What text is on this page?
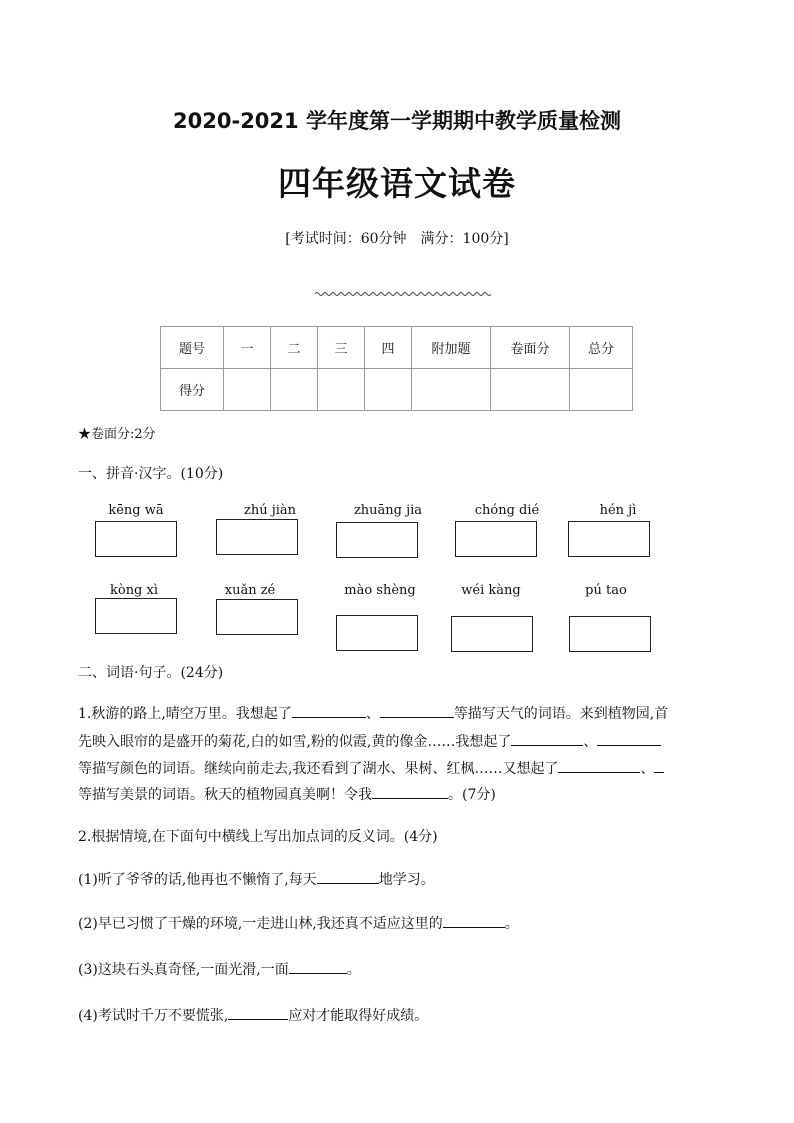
2020-2021 学年度第一学期期中教学质量检测
四年级语文试卷
[考试时间：60分钟　满分：100分]
题号	一	二	三	四	附加题	卷面分	总分
得分							
★卷面分:2分
一、拼音·汉字。(10分)
kēng wā	zhú jiàn	zhuāng jia	chóng dié	hén jì
kòng xì	xuǎn zé	mào shèng	wéi kàng	pú tao
二、词语·句子。(24分)
1.秋游的路上,晴空万里。我想起了	、	等描写天气的词语。来到植物园,首
先映入眼帘的是盛开的菊花,白的如雪,粉的似霞,黄的像金……我想起了	、
等描写颜色的词语。继续向前走去,我还看到了湖水、果树、红枫……又想起了	、
等描写美景的词语。秋天的植物园真美啊！令我	。(7分)
2.根据情境,在下面句中横线上写出加点词的反义词。(4分)
(1)听了爷爷的话,他再也不懒惰了,每天	地学习。
(2)早已习惯了干燥的环境,一走进山林,我还真不适应这里的	。
(3)这块石头真奇怪,一面光滑,一面	。
(4)考试时千万不要慌张,	应对才能取得好成绩。
